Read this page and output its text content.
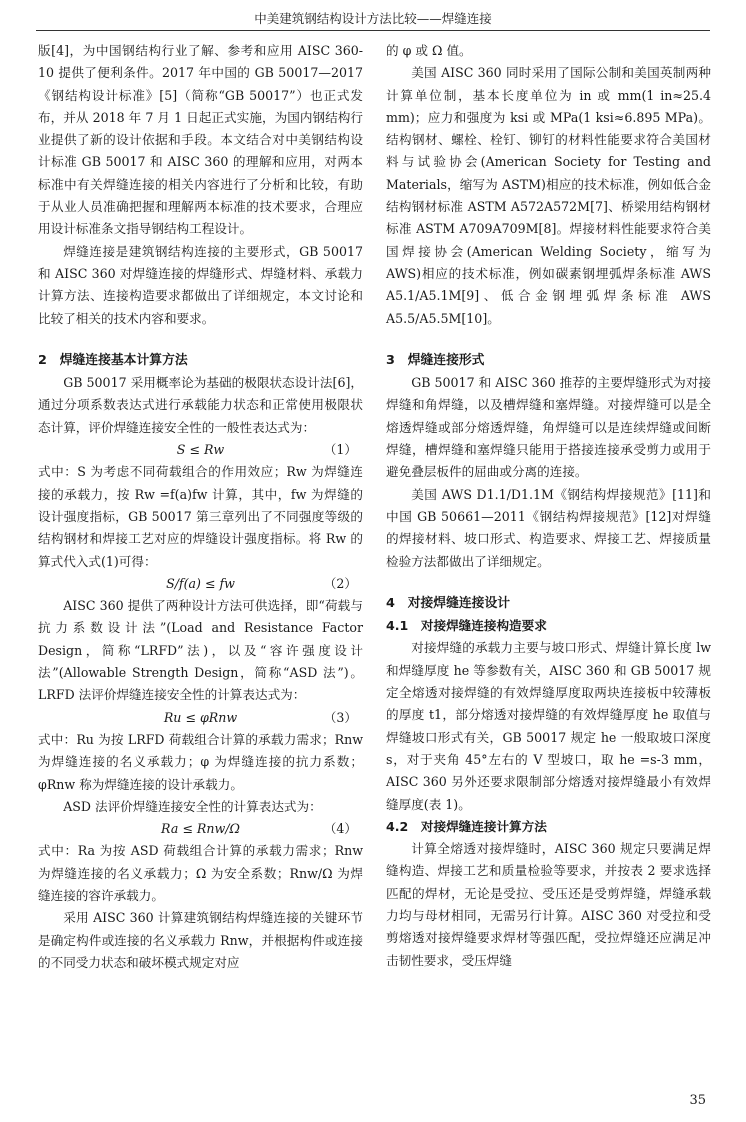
中美建筑钢结构设计方法比较——焊缝连接

版[4]，为中国钢结构行业了解、参考和应用 AISC 360- 10 提供了便利条件。2017 年中国的 GB 50017—2017《钢结构设计标准》[5]（简称“GB 50017”）也正式发布，并从 2018 年 7 月 1 日起正式实施，为国内钢结构行业提供了新的设计依据和手段。本文结合对中美钢结构设计标准 GB 50017 和 AISC 360 的理解和应用，对两本标准中有关焊缝连接的相关内容进行了分析和比较，有助于从业人员准确把握和理解两本标准的技术要求，合理应用设计标准条文指导钢结构工程设计。

焊缝连接是建筑钢结构连接的主要形式，GB 50017 和 AISC 360 对焊缝连接的焊缝形式、焊缝材料、承载力计算方法、连接构造要求都做出了详细规定，本文讨论和比较了相关的技术内容和要求。

2　焊缝连接基本计算方法

GB 50017 采用概率论为基础的极限状态设计法[6]，通过分项系数表达式进行承载能力状态和正常使用极限状态计算，评价焊缝连接安全性的一般性表达式为：

S ≤ Rw	（1）

式中：S 为考虑不同荷载组合的作用效应；Rw 为焊缝连接的承载力，按 Rw =f(a)fw 计算，其中，fw 为焊缝的设计强度指标，GB 50017 第三章列出了不同强度等级的结构钢材和焊接工艺对应的焊缝设计强度指标。将 Rw 的算式代入式(1)可得：

S/f(a) ≤ fw	（2）

AISC 360 提供了两种设计方法可供选择，即“荷载与抗力系数设计法”(Load and Resistance Factor Design，简称“LRFD”法)，以及“容许强度设计法”(Allowable Strength Design，简称“ASD 法”)。LRFD 法评价焊缝连接安全性的计算表达式为：

Ru ≤ φRnw	（3）

式中：Ru 为按 LRFD 荷载组合计算的承载力需求；Rnw 为焊缝连接的名义承载力；φ 为焊缝连接的抗力系数；φRnw 称为焊缝连接的设计承载力。

ASD 法评价焊缝连接安全性的计算表达式为：

Ra ≤ Rnw/Ω	（4）

式中：Ra 为按 ASD 荷载组合计算的承载力需求；Rnw 为焊缝连接的名义承载力；Ω 为安全系数；Rnw/Ω 为焊缝连接的容许承载力。

采用 AISC 360 计算建筑钢结构焊缝连接的关键环节是确定构件或连接的名义承载力 Rnw，并根据构件或连接的不同受力状态和破坏模式规定对应

的 φ 或 Ω 值。

美国 AISC 360 同时采用了国际公制和美国英制两种计算单位制，基本长度单位为 in 或 mm(1 in≈25.4 mm)；应力和强度为 ksi 或 MPa(1 ksi≈6.895 MPa)。结构钢材、螺栓、栓钉、铆钉的材料性能要求符合美国材料与试验协会(American Society for Testing and Materials，缩写为 ASTM)相应的技术标准，例如低合金结构钢材标准 ASTM A572A572M[7]、桥梁用结构钢材标准 ASTM A709A709M[8]。焊接材料性能要求符合美国焊接协会(American Welding Society，缩写为 AWS)相应的技术标准，例如碳素钢埋弧焊条标准 AWS A5.1/A5.1M[9]、低合金钢埋弧焊条标准 AWS A5.5/A5.5M[10]。

3　焊缝连接形式

GB 50017 和 AISC 360 推荐的主要焊缝形式为对接焊缝和角焊缝，以及槽焊缝和塞焊缝。对接焊缝可以是全熔透焊缝或部分熔透焊缝，角焊缝可以是连续焊缝或间断焊缝，槽焊缝和塞焊缝只能用于搭接连接承受剪力或用于避免叠层板件的屈曲或分离的连接。

美国 AWS D1.1/D1.1M《钢结构焊接规范》[11]和中国 GB 50661—2011《钢结构焊接规范》[12]对焊缝的焊接材料、坡口形式、构造要求、焊接工艺、焊接质量检验方法都做出了详细规定。

4　对接焊缝连接设计
4.1　对接焊缝连接构造要求

对接焊缝的承载力主要与坡口形式、焊缝计算长度 lw 和焊缝厚度 he 等参数有关，AISC 360 和 GB 50017 规定全熔透对接焊缝的有效焊缝厚度取两块连接板中较薄板的厚度 t1，部分熔透对接焊缝的有效焊缝厚度 he 取值与焊缝坡口形式有关，GB 50017 规定 he 一般取坡口深度 s，对于夹角 45°左右的 V 型坡口，取 he =s-3 mm，AISC 360 另外还要求限制部分熔透对接焊缝最小有效焊缝厚度(表 1)。

4.2　对接焊缝连接计算方法

计算全熔透对接焊缝时，AISC 360 规定只要满足焊缝构造、焊接工艺和质量检验等要求，并按表 2 要求选择匹配的焊材，无论是受拉、受压还是受剪焊缝，焊缝承载力均与母材相同，无需另行计算。AISC 360 对受拉和受剪熔透对接焊缝要求焊材等强匹配，受拉焊缝还应满足冲击韧性要求，受压焊缝

35
